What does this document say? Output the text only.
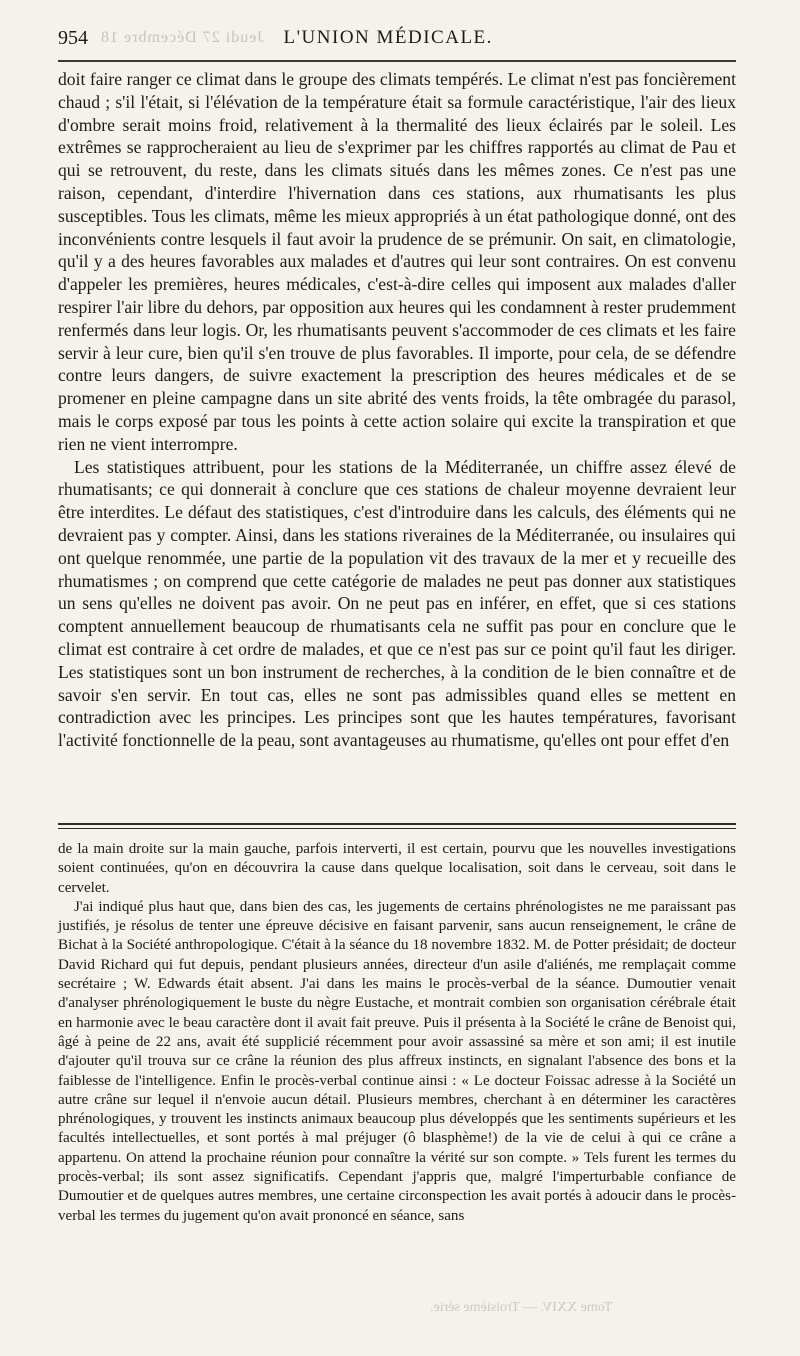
954 Jeudi 27 Décembre 18 L'UNION MÉDICALE.

doit faire ranger ce climat dans le groupe des climats tempérés. Le climat n'est pas foncièrement chaud ; s'il l'était, si l'élévation de la température était sa formule caractéristique, l'air des lieux d'ombre serait moins froid, relativement à la thermalité des lieux éclairés par le soleil. Les extrêmes se rapprocheraient au lieu de s'exprimer par les chiffres rapportés au climat de Pau et qui se retrouvent, du reste, dans les climats situés dans les mêmes zones. Ce n'est pas une raison, cependant, d'interdire l'hivernation dans ces stations, aux rhumatisants les plus susceptibles. Tous les climats, même les mieux appropriés à un état pathologique donné, ont des inconvénients contre lesquels il faut avoir la prudence de se prémunir. On sait, en climatologie, qu'il y a des heures favorables aux malades et d'autres qui leur sont contraires. On est convenu d'appeler les premières, heures médicales, c'est-à-dire celles qui imposent aux malades d'aller respirer l'air libre du dehors, par opposition aux heures qui les condamnent à rester prudemment renfermés dans leur logis. Or, les rhumatisants peuvent s'accommoder de ces climats et les faire servir à leur cure, bien qu'il s'en trouve de plus favorables. Il importe, pour cela, de se défendre contre leurs dangers, de suivre exactement la prescription des heures médicales et de se promener en pleine campagne dans un site abrité des vents froids, la tête ombragée du parasol, mais le corps exposé par tous les points à cette action solaire qui excite la transpiration et que rien ne vient interrompre.

Les statistiques attribuent, pour les stations de la Méditerranée, un chiffre assez élevé de rhumatisants; ce qui donnerait à conclure que ces stations de chaleur moyenne devraient leur être interdites. Le défaut des statistiques, c'est d'introduire dans les calculs, des éléments qui ne devraient pas y compter. Ainsi, dans les stations riveraines de la Méditerranée, ou insulaires qui ont quelque renommée, une partie de la population vit des travaux de la mer et y recueille des rhumatismes ; on comprend que cette catégorie de malades ne peut pas donner aux statistiques un sens qu'elles ne doivent pas avoir. On ne peut pas en inférer, en effet, que si ces stations comptent annuellement beaucoup de rhumatisants cela ne suffit pas pour en conclure que le climat est contraire à cet ordre de malades, et que ce n'est pas sur ce point qu'il faut les diriger. Les statistiques sont un bon instrument de recherches, à la condition de le bien connaître et de savoir s'en servir. En tout cas, elles ne sont pas admissibles quand elles se mettent en contradiction avec les principes. Les principes sont que les hautes températures, favorisant l'activité fonctionnelle de la peau, sont avantageuses au rhumatisme, qu'elles ont pour effet d'en

de la main droite sur la main gauche, parfois interverti, il est certain, pourvu que les nouvelles investigations soient continuées, qu'on en découvrira la cause dans quelque localisation, soit dans le cerveau, soit dans le cervelet.

J'ai indiqué plus haut que, dans bien des cas, les jugements de certains phrénologistes ne me paraissant pas justifiés, je résolus de tenter une épreuve décisive en faisant parvenir, sans aucun renseignement, le crâne de Bichat à la Société anthropologique. C'était à la séance du 18 novembre 1832. M. de Potter présidait; de docteur David Richard qui fut depuis, pendant plusieurs années, directeur d'un asile d'aliénés, me remplaçait comme secrétaire ; W. Edwards était absent. J'ai dans les mains le procès-verbal de la séance. Dumoutier venait d'analyser phrénologiquement le buste du nègre Eustache, et montrait combien son organisation cérébrale était en harmonie avec le beau caractère dont il avait fait preuve. Puis il présenta à la Société le crâne de Benoist qui, âgé à peine de 22 ans, avait été supplicié récemment pour avoir assassiné sa mère et son ami; il est inutile d'ajouter qu'il trouva sur ce crâne la réunion des plus affreux instincts, en signalant l'absence des bons et la faiblesse de l'intelligence. Enfin le procès-verbal continue ainsi : « Le docteur Foissac adresse à la Société un autre crâne sur lequel il n'envoie aucun détail. Plusieurs membres, cherchant à en déterminer les caractères phrénologiques, y trouvent les instincts animaux beaucoup plus développés que les sentiments supérieurs et les facultés intellectuelles, et sont portés à mal préjuger (ô blasphème!) de la vie de celui à qui ce crâne a appartenu. On attend la prochaine réunion pour connaître la vérité sur son compte. » Tels furent les termes du procès-verbal; ils sont assez significatifs. Cependant j'appris que, malgré l'imperturbable confiance de Dumoutier et de quelques autres membres, une certaine circonspection les avait portés à adoucir dans le procès-verbal les termes du jugement qu'on avait prononcé en séance, sans

Tome XXIV. — Troisième série.
